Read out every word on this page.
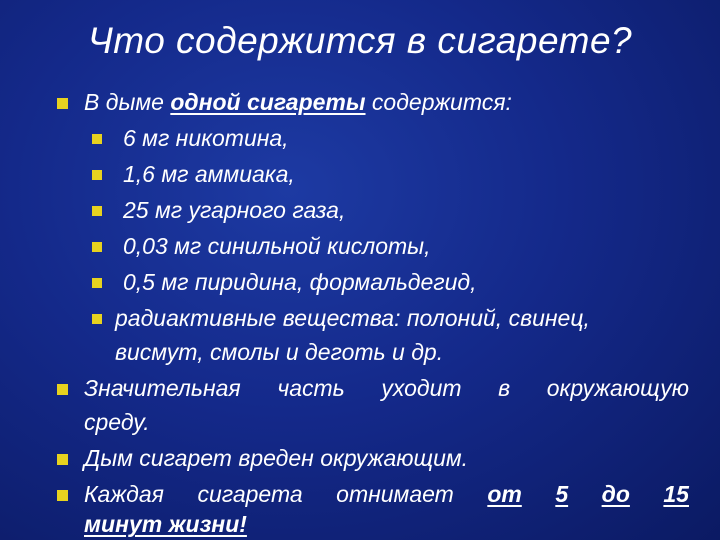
Что содержится в сигарете?
В дыме одной сигареты содержится:
6 мг никотина,
1,6 мг аммиака,
25 мг угарного газа,
0,03 мг синильной кислоты,
0,5 мг пиридина, формальдегид,
радиактивные вещества: полоний, свинец,
висмут, смолы и деготь и др.
Значительная часть уходит в окружающую
среду.
Дым сигарет вреден окружающим.
Каждая сигарета отнимает от 5 до 15
минут жизни!
